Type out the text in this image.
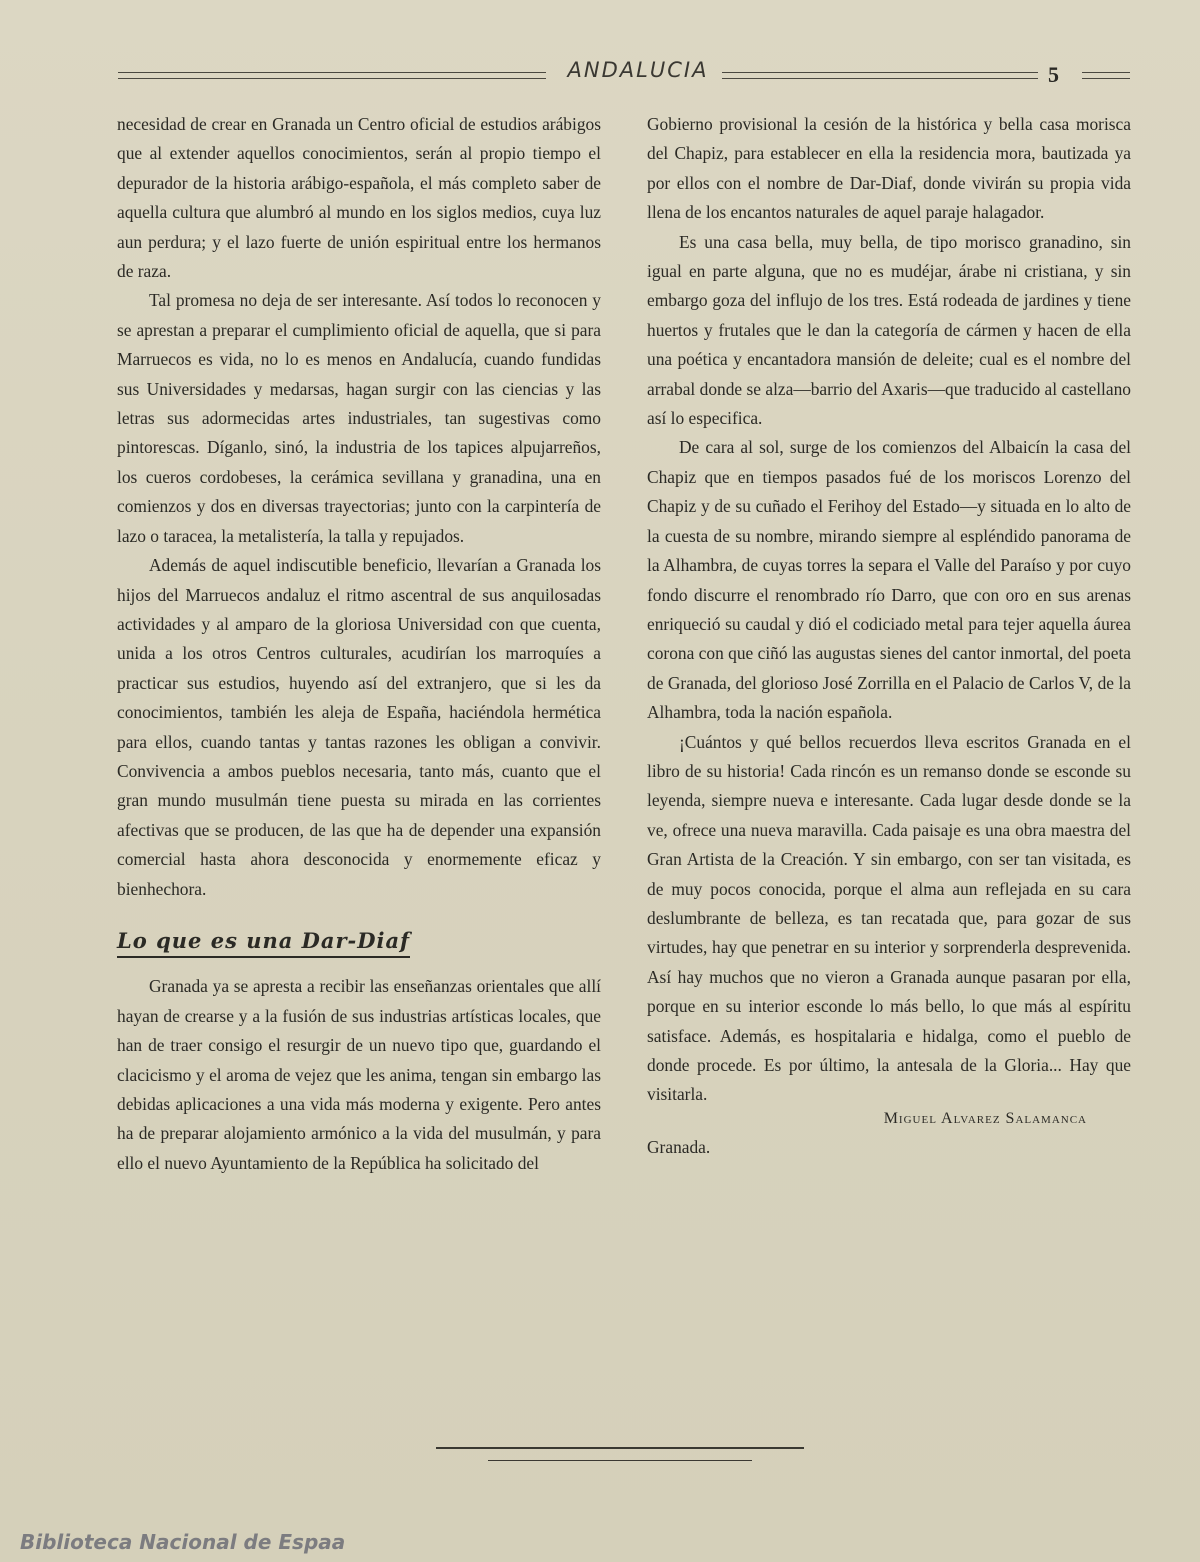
ANDALUCIA	5

necesidad de crear en Granada un Centro oficial de estudios arábigos que al extender aquellos conocimientos, serán al propio tiempo el depurador de la historia arábigo-española, el más completo saber de aquella cultura que alumbró al mundo en los siglos medios, cuya luz aun perdura; y el lazo fuerte de unión espiritual entre los hermanos de raza.

Tal promesa no deja de ser interesante. Así todos lo reconocen y se aprestan a preparar el cumplimiento oficial de aquella, que si para Marruecos es vida, no lo es menos en Andalucía, cuando fundidas sus Universidades y medarsas, hagan surgir con las ciencias y las letras sus adormecidas artes industriales, tan sugestivas como pintorescas. Díganlo, sinó, la industria de los tapices alpujarreños, los cueros cordobeses, la cerámica sevillana y granadina, una en comienzos y dos en diversas trayectorias; junto con la carpintería de lazo o taracea, la metalistería, la talla y repujados.

Además de aquel indiscutible beneficio, llevarían a Granada los hijos del Marruecos andaluz el ritmo ascentral de sus anquilosadas actividades y al amparo de la gloriosa Universidad con que cuenta, unida a los otros Centros culturales, acudirían los marroquíes a practicar sus estudios, huyendo así del extranjero, que si les da conocimientos, también les aleja de España, haciéndola hermética para ellos, cuando tantas y tantas razones les obligan a convivir. Convivencia a ambos pueblos necesaria, tanto más, cuanto que el gran mundo musulmán tiene puesta su mirada en las corrientes afectivas que se producen, de las que ha de depender una expansión comercial hasta ahora desconocida y enormemente eficaz y bienhechora.

Lo que es una Dar-Diaf

Granada ya se apresta a recibir las enseñanzas orientales que allí hayan de crearse y a la fusión de sus industrias artísticas locales, que han de traer consigo el resurgir de un nuevo tipo que, guardando el clacicismo y el aroma de vejez que les anima, tengan sin embargo las debidas aplicaciones a una vida más moderna y exigente. Pero antes ha de preparar alojamiento armónico a la vida del musulmán, y para ello el nuevo Ayuntamiento de la República ha solicitado del

Gobierno provisional la cesión de la histórica y bella casa morisca del Chapiz, para establecer en ella la residencia mora, bautizada ya por ellos con el nombre de Dar-Diaf, donde vivirán su propia vida llena de los encantos naturales de aquel paraje halagador.

Es una casa bella, muy bella, de tipo morisco granadino, sin igual en parte alguna, que no es mudéjar, árabe ni cristiana, y sin embargo goza del influjo de los tres. Está rodeada de jardines y tiene huertos y frutales que le dan la categoría de cármen y hacen de ella una poética y encantadora mansión de deleite; cual es el nombre del arrabal donde se alza—barrio del Axaris—que traducido al castellano así lo especifica.

De cara al sol, surge de los comienzos del Albaicín la casa del Chapiz que en tiempos pasados fué de los moriscos Lorenzo del Chapiz y de su cuñado el Ferihoy del Estado—y situada en lo alto de la cuesta de su nombre, mirando siempre al espléndido panorama de la Alhambra, de cuyas torres la separa el Valle del Paraíso y por cuyo fondo discurre el renombrado río Darro, que con oro en sus arenas enriqueció su caudal y dió el codiciado metal para tejer aquella áurea corona con que ciñó las augustas sienes del cantor inmortal, del poeta de Granada, del glorioso José Zorrilla en el Palacio de Carlos V, de la Alhambra, toda la nación española.

¡Cuántos y qué bellos recuerdos lleva escritos Granada en el libro de su historia! Cada rincón es un remanso donde se esconde su leyenda, siempre nueva e interesante. Cada lugar desde donde se la ve, ofrece una nueva maravilla. Cada paisaje es una obra maestra del Gran Artista de la Creación. Y sin embargo, con ser tan visitada, es de muy pocos conocida, porque el alma aun reflejada en su cara deslumbrante de belleza, es tan recatada que, para gozar de sus virtudes, hay que penetrar en su interior y sorprenderla desprevenida. Así hay muchos que no vieron a Granada aunque pasaran por ella, porque en su interior esconde lo más bello, lo que más al espíritu satisface. Además, es hospitalaria e hidalga, como el pueblo de donde procede. Es por último, la antesala de la Gloria... Hay que visitarla.

Miguel Alvarez Salamanca

Granada.

Biblioteca Nacional de Espaa
